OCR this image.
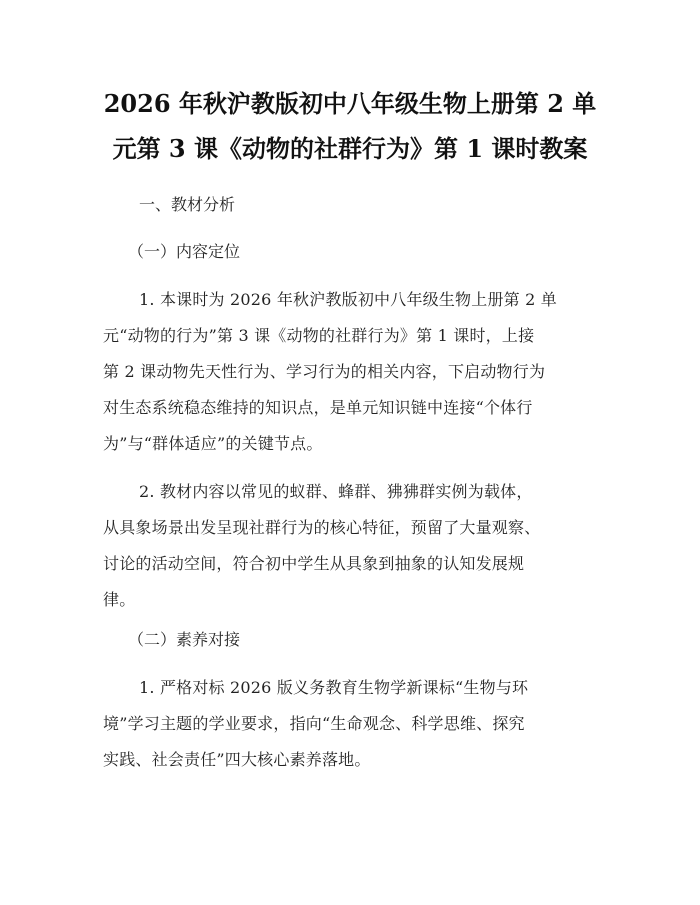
2026 年秋沪教版初中八年级生物上册第 2 单
元第 3 课《动物的社群行为》第 1 课时教案
一、教材分析
（一）内容定位
1. 本课时为 2026 年秋沪教版初中八年级生物上册第 2 单
元“动物的行为”第 3 课《动物的社群行为》第 1 课时，上接
第 2 课动物先天性行为、学习行为的相关内容，下启动物行为
对生态系统稳态维持的知识点，是单元知识链中连接“个体行
为”与“群体适应”的关键节点。
2. 教材内容以常见的蚁群、蜂群、狒狒群实例为载体，
从具象场景出发呈现社群行为的核心特征，预留了大量观察、
讨论的活动空间，符合初中学生从具象到抽象的认知发展规
律。
（二）素养对接
1. 严格对标 2026 版义务教育生物学新课标“生物与环
境”学习主题的学业要求，指向“生命观念、科学思维、探究
实践、社会责任”四大核心素养落地。
